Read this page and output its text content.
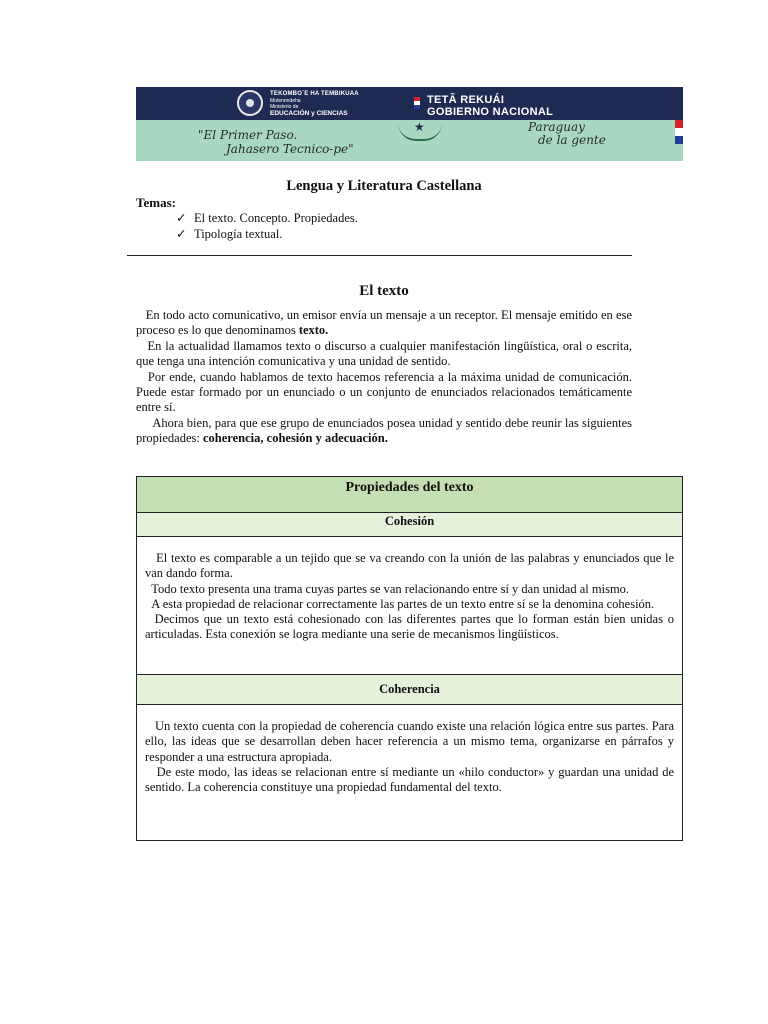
TEKOMBO´E HA TEMBIKUAA
Motenondeha
Ministerio de
EDUCACIÓN y CIENCIAS
TETÃ REKUÁI
GOBIERNO NACIONAL
"El Primer Paso.
Jahasero Tecnico-pe"
★
Paraguay
de la gente
Lengua y Literatura Castellana
Temas:
✓ El texto. Concepto. Propiedades.
✓ Tipología textual.
El texto

En todo acto comunicativo, un emisor envía un mensaje a un receptor. El mensaje emitido en ese proceso es lo que denominamos texto.

En la actualidad llamamos texto o discurso a cualquier manifestación lingüística, oral o escrita, que tenga una intención comunicativa y una unidad de sentido.

Por ende, cuando hablamos de texto hacemos referencia a la máxima unidad de comunicación. Puede estar formado por un enunciado o un conjunto de enunciados relacionados temáticamente entre sí.

Ahora bien, para que ese grupo de enunciados posea unidad y sentido debe reunir las siguientes propiedades: coherencia, cohesión y adecuación.

Propiedades del texto
Cohesión

El texto es comparable a un tejido que se va creando con la unión de las palabras y enunciados que le van dando forma.

Todo texto presenta una trama cuyas partes se van relacionando entre sí y dan unidad al mismo.

A esta propiedad de relacionar correctamente las partes de un texto entre sí se la denomina cohesión.

Decimos que un texto está cohesionado con las diferentes partes que lo forman están bien unidas o articuladas. Esta conexión se logra mediante una serie de mecanismos lingüísticos.

Coherencia

Un texto cuenta con la propiedad de coherencia cuando existe una relación lógica entre sus partes. Para ello, las ideas que se desarrollan deben hacer referencia a un mismo tema, organizarse en párrafos y responder a una estructura apropiada.

De este modo, las ideas se relacionan entre sí mediante un «hilo conductor» y guardan una unidad de sentido. La coherencia constituye una propiedad fundamental del texto.
